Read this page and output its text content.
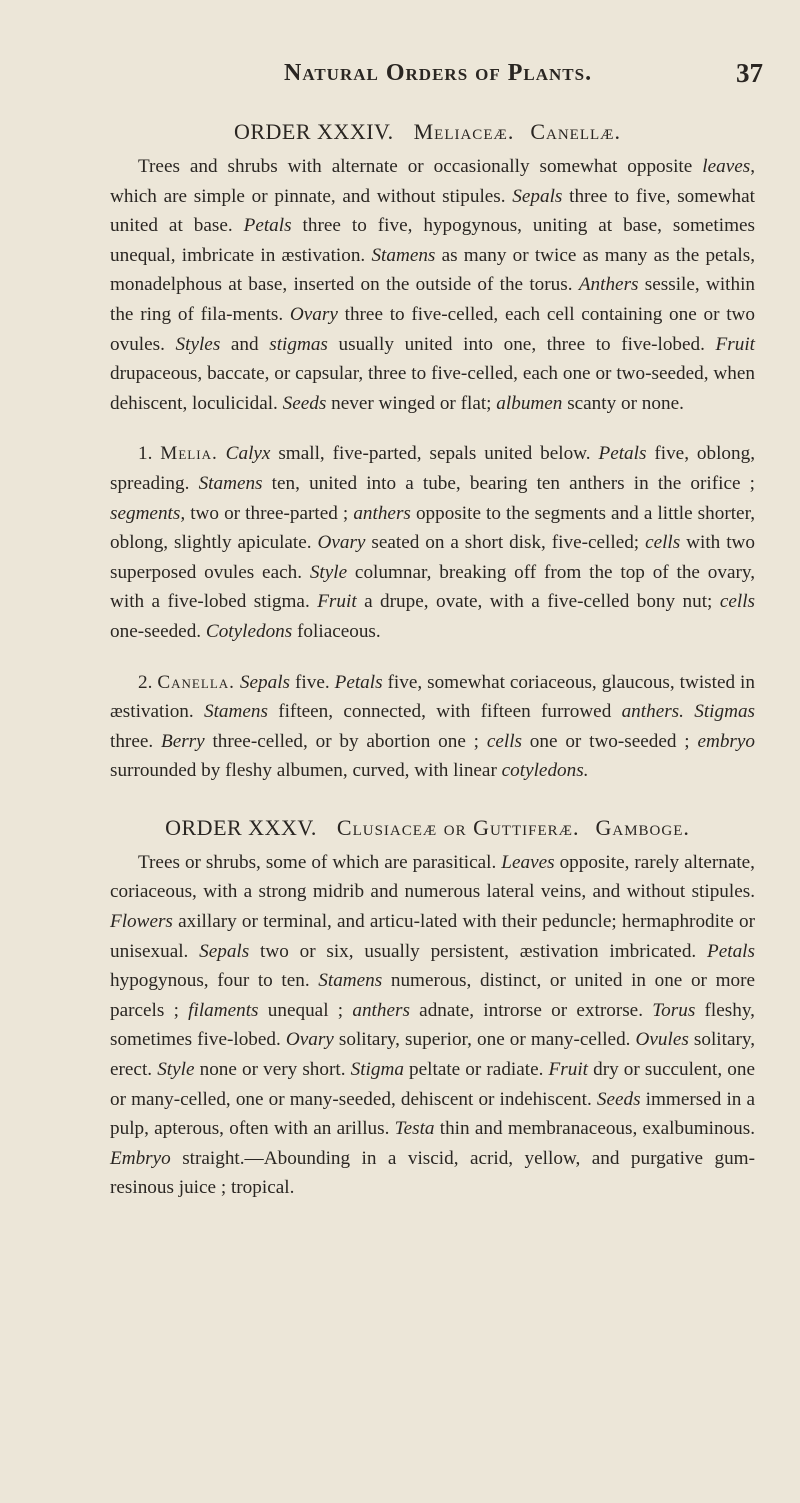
Natural Orders of Plants.	37
ORDER XXXIV. Meliaceæ. Canellæ.

Trees and shrubs with alternate or occasionally somewhat opposite leaves, which are simple or pinnate, and without stipules. Sepals three to five, somewhat united at base. Petals three to five, hypogynous, uniting at base, sometimes unequal, imbricate in æstivation. Stamens as many or twice as many as the petals, monadelphous at base, inserted on the outside of the torus. Anthers sessile, within the ring of fila-ments. Ovary three to five-celled, each cell containing one or two ovules. Styles and stigmas usually united into one, three to five-lobed. Fruit drupaceous, baccate, or capsular, three to five-celled, each one or two-seeded, when dehiscent, loculicidal. Seeds never winged or flat; albumen scanty or none.

1. Melia. Calyx small, five-parted, sepals united below. Petals five, oblong, spreading. Stamens ten, united into a tube, bearing ten anthers in the orifice ; segments, two or three-parted ; anthers opposite to the segments and a little shorter, oblong, slightly apiculate. Ovary seated on a short disk, five-celled; cells with two superposed ovules each. Style columnar, breaking off from the top of the ovary, with a five-lobed stigma. Fruit a drupe, ovate, with a five-celled bony nut; cells one-seeded. Cotyledons foliaceous.

2. Canella. Sepals five. Petals five, somewhat coriaceous, glaucous, twisted in æstivation. Stamens fifteen, connected, with fifteen furrowed anthers. Stigmas three. Berry three-celled, or by abortion one ; cells one or two-seeded ; embryo surrounded by fleshy albumen, curved, with linear cotyledons.

ORDER XXXV. Clusiaceæ or Guttiferæ. Gamboge.

Trees or shrubs, some of which are parasitical. Leaves opposite, rarely alternate, coriaceous, with a strong midrib and numerous lateral veins, and without stipules. Flowers axillary or terminal, and articu-lated with their peduncle; hermaphrodite or unisexual. Sepals two or six, usually persistent, æstivation imbricated. Petals hypogynous, four to ten. Stamens numerous, distinct, or united in one or more parcels ; filaments unequal ; anthers adnate, introrse or extrorse. Torus fleshy, sometimes five-lobed. Ovary solitary, superior, one or many-celled. Ovules solitary, erect. Style none or very short. Stigma peltate or radiate. Fruit dry or succulent, one or many-celled, one or many-seeded, dehiscent or indehiscent. Seeds immersed in a pulp, apterous, often with an arillus. Testa thin and membranaceous, exalbuminous. Embryo straight.—Abounding in a viscid, acrid, yellow, and purgative gum-resinous juice ; tropical.
